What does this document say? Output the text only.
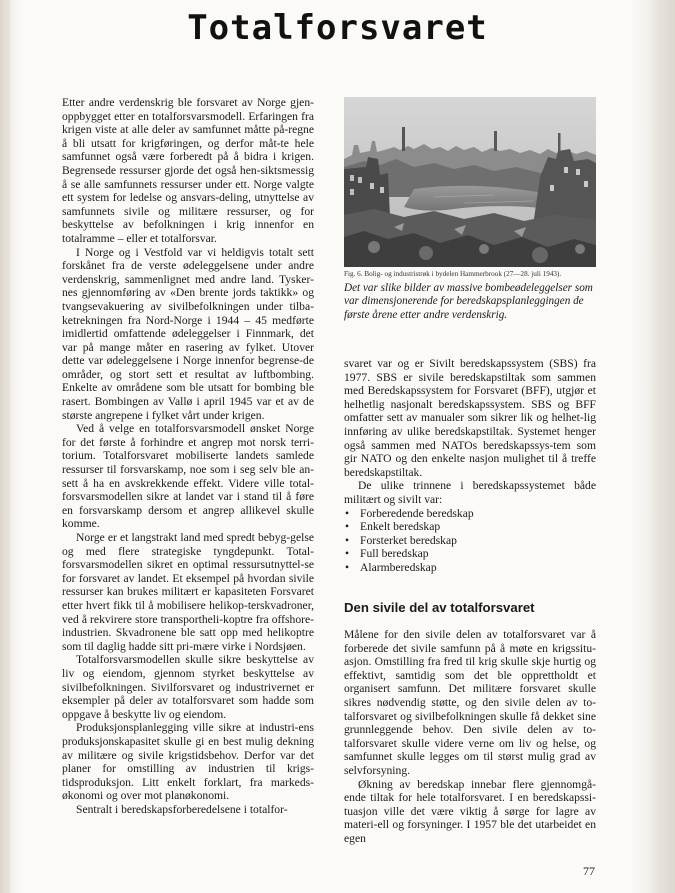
Totalforsvaret

Etter andre verdenskrig ble forsvaret av Norge gjen-oppbygget etter en totalforsvarsmodell. Erfaringen fra krigen viste at alle deler av samfunnet måtte på-regne å bli utsatt for krigføringen, og derfor måt-te hele samfunnet også være forberedt på å bidra i krigen. Begrensede ressurser gjorde det også hen-siktsmessig å se alle samfunnets ressurser under ett. Norge valgte ett system for ledelse og ansvars-deling, utnyttelse av samfunnets sivile og militære ressurser, og for beskyttelse av befolkningen i krig innenfor en totalramme – eller et totalforsvar.

I Norge og i Vestfold var vi heldigvis totalt sett forskånet fra de verste ødeleggelsene under andre verdenskrig, sammenlignet med andre land. Tysker-nes gjennomføring av «Den brente jords taktikk» og tvangsevakuering av sivilbefolkningen under tilba-ketrekningen fra Nord-Norge i 1944 – 45 medførte imidlertid omfattende ødeleggelser i Finnmark, det var på mange måter en rasering av fylket. Utover dette var ødeleggelsene i Norge innenfor begrense-de områder, og stort sett et resultat av luftbombing. Enkelte av områdene som ble utsatt for bombing ble rasert. Bombingen av Vallø i april 1945 var et av de største angrepene i fylket vårt under krigen.

Ved å velge en totalforsvarsmodell ønsket Norge for det første å forhindre et angrep mot norsk terri-torium. Totalforsvaret mobiliserte landets samlede ressurser til forsvarskamp, noe som i seg selv ble an-sett å ha en avskrekkende effekt. Videre ville total-forsvarsmodellen sikre at landet var i stand til å føre en forsvarskamp dersom et angrep allikevel skulle komme.

Norge er et langstrakt land med spredt bebyg-gelse og med flere strategiske tyngdepunkt. Total-forsvarsmodellen sikret en optimal ressursutnyttel-se for forsvaret av landet. Et eksempel på hvordan sivile ressurser kan brukes militært er kapasiteten Forsvaret etter hvert fikk til å mobilisere helikop-terskvadroner, ved å rekvirere store transportheli-koptre fra offshore-industrien. Skvadronene ble satt opp med helikoptre som til daglig hadde sitt pri-mære virke i Nordsjøen.

Totalforsvarsmodellen skulle sikre beskyttelse av liv og eiendom, gjennom styrket beskyttelse av sivilbefolkningen. Sivilforsvaret og industrivernet er eksempler på deler av totalforsvaret som hadde som oppgave å beskytte liv og eiendom.

Produksjonsplanlegging ville sikre at industri-ens produksjonskapasitet skulle gi en best mulig dekning av militære og sivile krigstidsbehov. Derfor var det planer for omstilling av industrien til krigs-tidsproduksjon. Litt enkelt forklart, fra markeds-økonomi og over mot planøkonomi.

Sentralt i beredskapsforberedelsene i totalfor-

Fig. 6. Bolig- og industristrøk i bydelen Hammerbrook (27—28. juli 1943).
Det var slike bilder av massive bombeødeleggelser som var dimensjonerende for beredskapsplanleggingen de første årene etter andre verdenskrig.

svaret var og er Sivilt beredskapssystem (SBS) fra 1977. SBS er sivile beredskapstiltak som sammen med Beredskapssystem for Forsvaret (BFF), utgjør et helhetlig nasjonalt beredskapssystem. SBS og BFF omfatter sett av manualer som sikrer lik og helhet-lig innføring av ulike beredskapstiltak. Systemet henger også sammen med NATOs beredskapssys-tem som gir NATO og den enkelte nasjon mulighet til å treffe beredskapstiltak.

De ulike trinnene i beredskapssystemet både militært og sivilt var:

• Forberedende beredskap
• Enkelt beredskap
• Forsterket beredskap
• Full beredskap
• Alarmberedskap
Den sivile del av totalforsvaret

Målene for den sivile delen av totalforsvaret var å forberede det sivile samfunn på å møte en krigssitu-asjon. Omstilling fra fred til krig skulle skje hurtig og effektivt, samtidig som det ble opprettholdt et organisert samfunn. Det militære forsvaret skulle sikres nødvendig støtte, og den sivile delen av to-talforsvaret og sivilbefolkningen skulle få dekket sine grunnleggende behov. Den sivile delen av to-talforsvaret skulle videre verne om liv og helse, og samfunnet skulle legges om til størst mulig grad av selvforsyning.

Økning av beredskap innebar flere gjennomgå-ende tiltak for hele totalforsvaret. I en beredskapssi-tuasjon ville det være viktig å sørge for lagre av materi-ell og forsyninger. I 1957 ble det utarbeidet en egen

77
